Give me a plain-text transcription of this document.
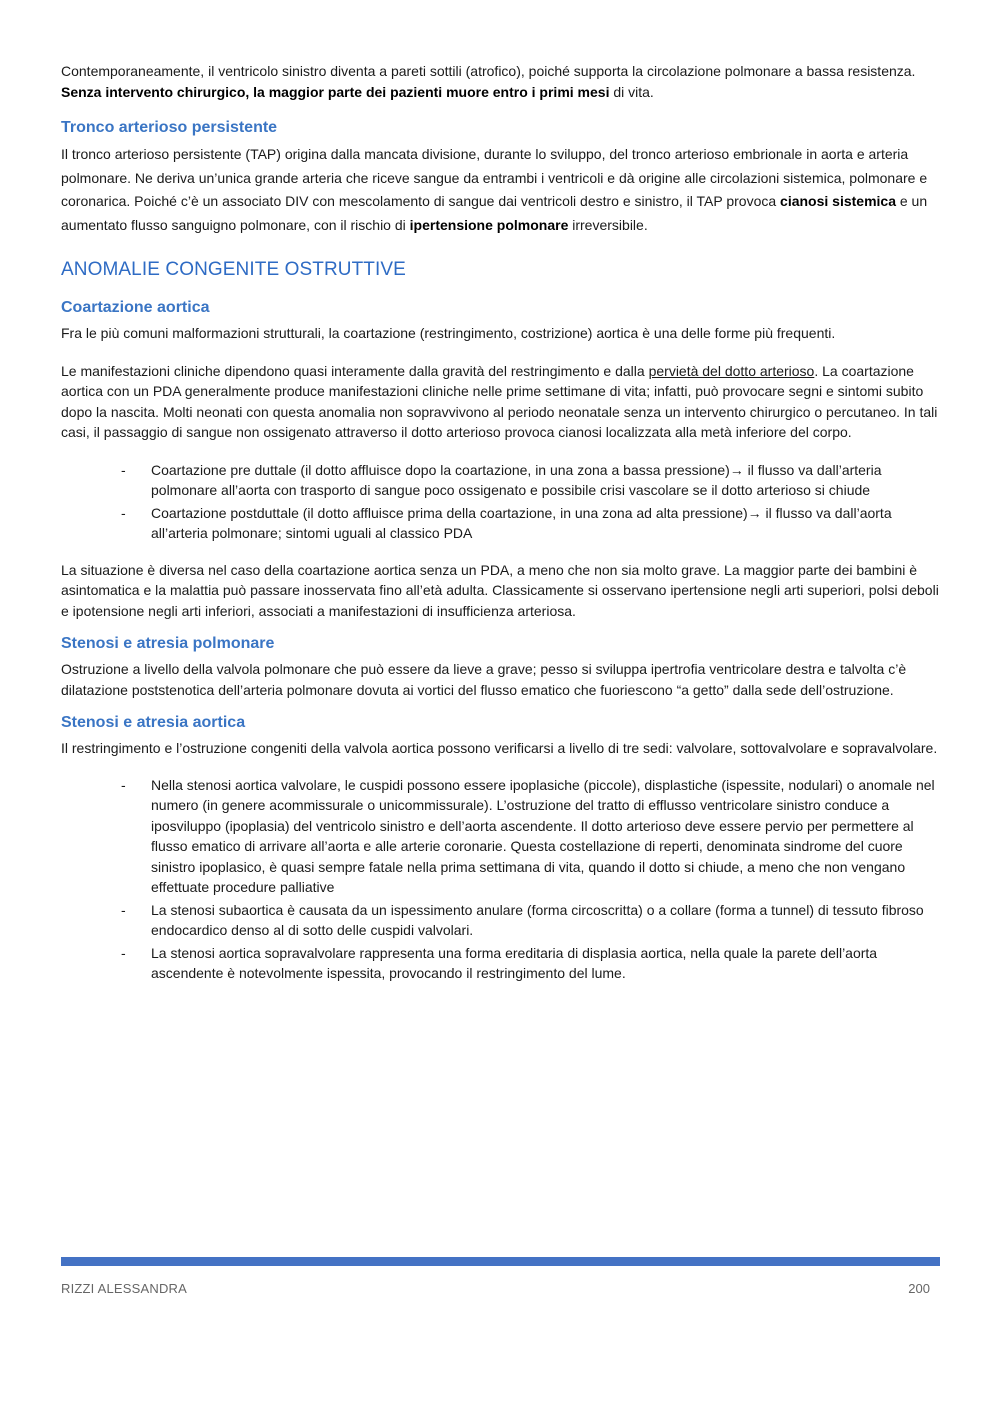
Contemporaneamente, il ventricolo sinistro diventa a pareti sottili (atrofico), poiché supporta la circolazione polmonare a bassa resistenza. Senza intervento chirurgico, la maggior parte dei pazienti muore entro i primi mesi di vita.

Tronco arterioso persistente

Il tronco arterioso persistente (TAP) origina dalla mancata divisione, durante lo sviluppo, del tronco arterioso embrionale in aorta e arteria polmonare. Ne deriva un’unica grande arteria che riceve sangue da entrambi i ventricoli e dà origine alle circolazioni sistemica, polmonare e coronarica. Poiché c’è un associato DIV con mescolamento di sangue dai ventricoli destro e sinistro, il TAP provoca cianosi sistemica e un aumentato flusso sanguigno polmonare, con il rischio di ipertensione polmonare irreversibile.

ANOMALIE CONGENITE OSTRUTTIVE
Coartazione aortica

Fra le più comuni malformazioni strutturali, la coartazione (restringimento, costrizione) aortica è una delle forme più frequenti.

Le manifestazioni cliniche dipendono quasi interamente dalla gravità del restringimento e dalla pervietà del dotto arterioso. La coartazione aortica con un PDA generalmente produce manifestazioni cliniche nelle prime settimane di vita; infatti, può provocare segni e sintomi subito dopo la nascita. Molti neonati con questa anomalia non sopravvivono al periodo neonatale senza un intervento chirurgico o percutaneo. In tali casi, il passaggio di sangue non ossigenato attraverso il dotto arterioso provoca cianosi localizzata alla metà inferiore del corpo.

- Coartazione pre duttale (il dotto affluisce dopo la coartazione, in una zona a bassa pressione)→ il flusso va dall’arteria polmonare all’aorta con trasporto di sangue poco ossigenato e possibile crisi vascolare se il dotto arterioso si chiude
- Coartazione postduttale (il dotto affluisce prima della coartazione, in una zona ad alta pressione)→ il flusso va dall’aorta all’arteria polmonare; sintomi uguali al classico PDA

La situazione è diversa nel caso della coartazione aortica senza un PDA, a meno che non sia molto grave. La maggior parte dei bambini è asintomatica e la malattia può passare inosservata fino all’età adulta. Classicamente si osservano ipertensione negli arti superiori, polsi deboli e ipotensione negli arti inferiori, associati a manifestazioni di insufficienza arteriosa.

Stenosi e atresia polmonare

Ostruzione a livello della valvola polmonare che può essere da lieve a grave; pesso si sviluppa ipertrofia ventricolare destra e talvolta c’è dilatazione poststenotica dell’arteria polmonare dovuta ai vortici del flusso ematico che fuoriescono “a getto” dalla sede dell’ostruzione.

Stenosi e atresia aortica

Il restringimento e l’ostruzione congeniti della valvola aortica possono verificarsi a livello di tre sedi: valvolare, sottovalvolare e sopravalvolare.

- Nella stenosi aortica valvolare, le cuspidi possono essere ipoplasiche (piccole), displastiche (ispessite, nodulari) o anomale nel numero (in genere acommissurale o unicommissurale). L’ostruzione del tratto di efflusso ventricolare sinistro conduce a iposviluppo (ipoplasia) del ventricolo sinistro e dell’aorta ascendente. Il dotto arterioso deve essere pervio per permettere al flusso ematico di arrivare all’aorta e alle arterie coronarie. Questa costellazione di reperti, denominata sindrome del cuore sinistro ipoplasico, è quasi sempre fatale nella prima settimana di vita, quando il dotto si chiude, a meno che non vengano effettuate procedure palliative
- La stenosi subaortica è causata da un ispessimento anulare (forma circoscritta) o a collare (forma a tunnel) di tessuto fibroso endocardico denso al di sotto delle cuspidi valvolari.
- La stenosi aortica sopravalvolare rappresenta una forma ereditaria di displasia aortica, nella quale la parete dell’aorta ascendente è notevolmente ispessita, provocando il restringimento del lume.
RIZZI ALESSANDRA	200
